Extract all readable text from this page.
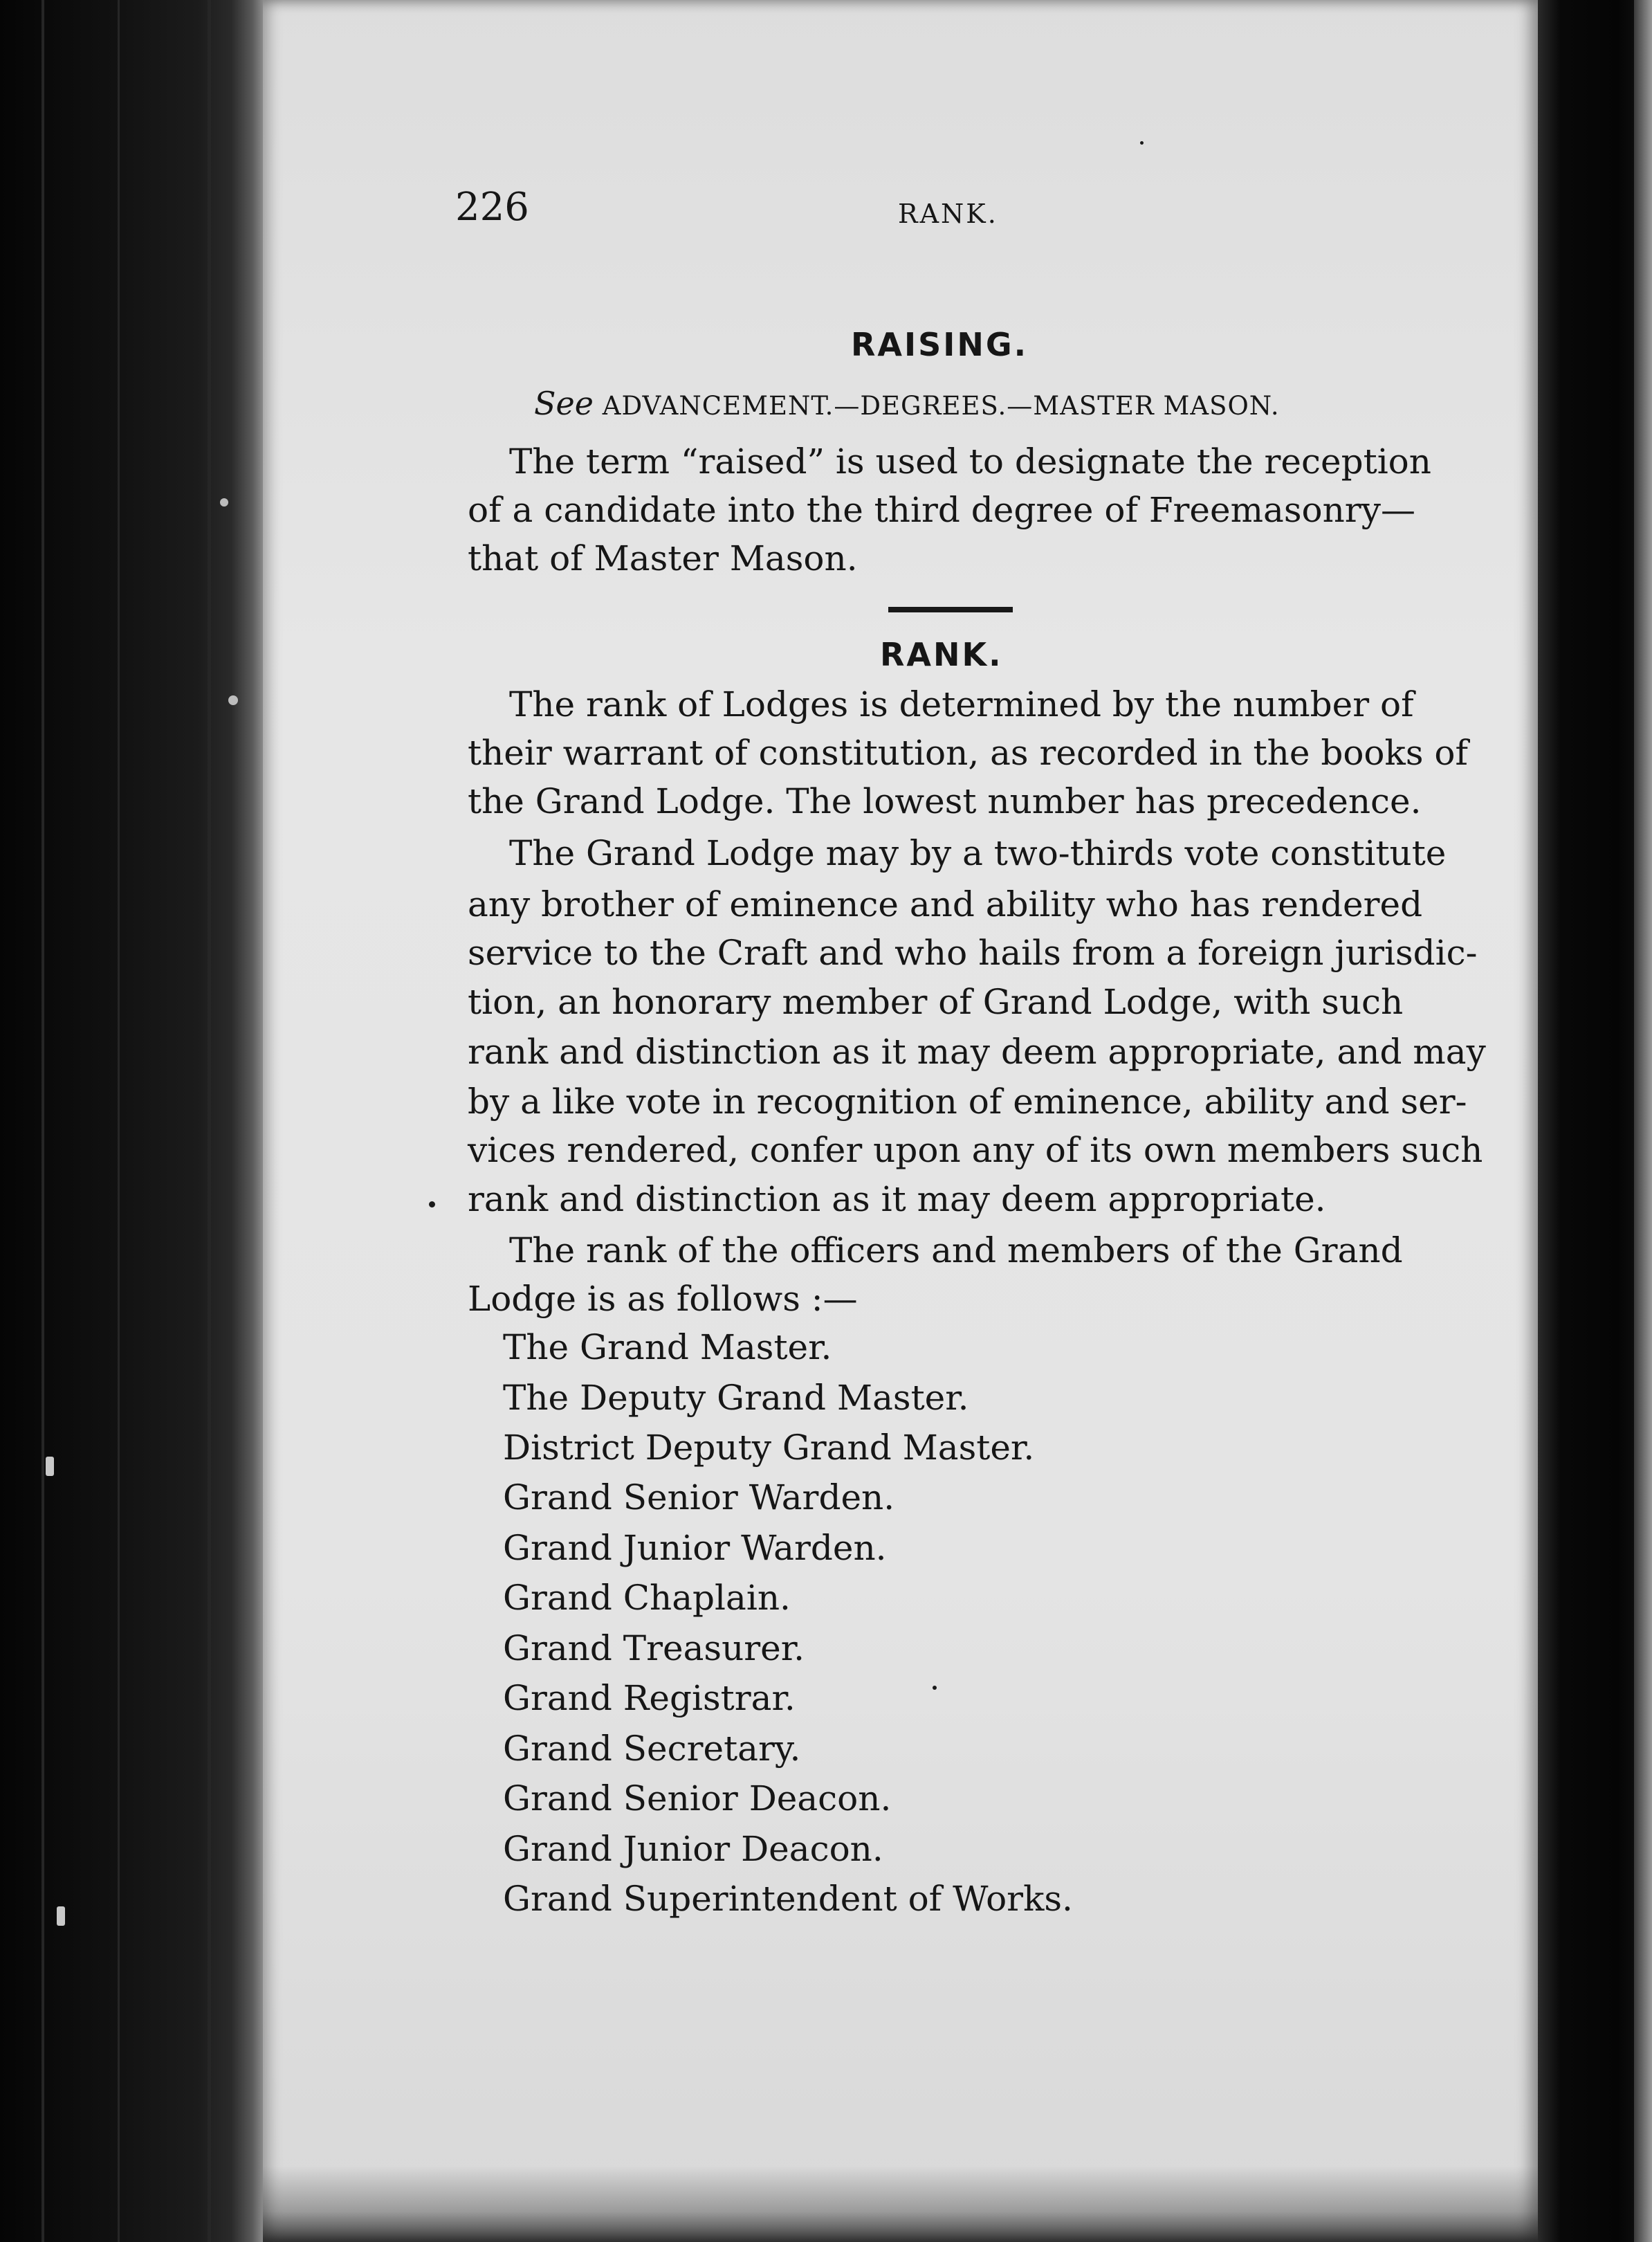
226	RANK.
RAISING.

See ADVANCEMENT.—DEGREES.—MASTER MASON.

The term “raised” is used to designate the reception

of a candidate into the third degree of Freemasonry—

that of Master Mason.

RANK.

The rank of Lodges is determined by the number of

their warrant of constitution, as recorded in the books of

the Grand Lodge. The lowest number has precedence.

The Grand Lodge may by a two-thirds vote constitute

any brother of eminence and ability who has rendered

service to the Craft and who hails from a foreign jurisdic-

tion, an honorary member of Grand Lodge, with such

rank and distinction as it may deem appropriate, and may

by a like vote in recognition of eminence, ability and ser-

vices rendered, confer upon any of its own members such

rank and distinction as it may deem appropriate.

The rank of the officers and members of the Grand

Lodge is as follows :—

The Grand Master.
The Deputy Grand Master.
District Deputy Grand Master.
Grand Senior Warden.
Grand Junior Warden.
Grand Chaplain.
Grand Treasurer.
Grand Registrar.
Grand Secretary.
Grand Senior Deacon.
Grand Junior Deacon.
Grand Superintendent of Works.
